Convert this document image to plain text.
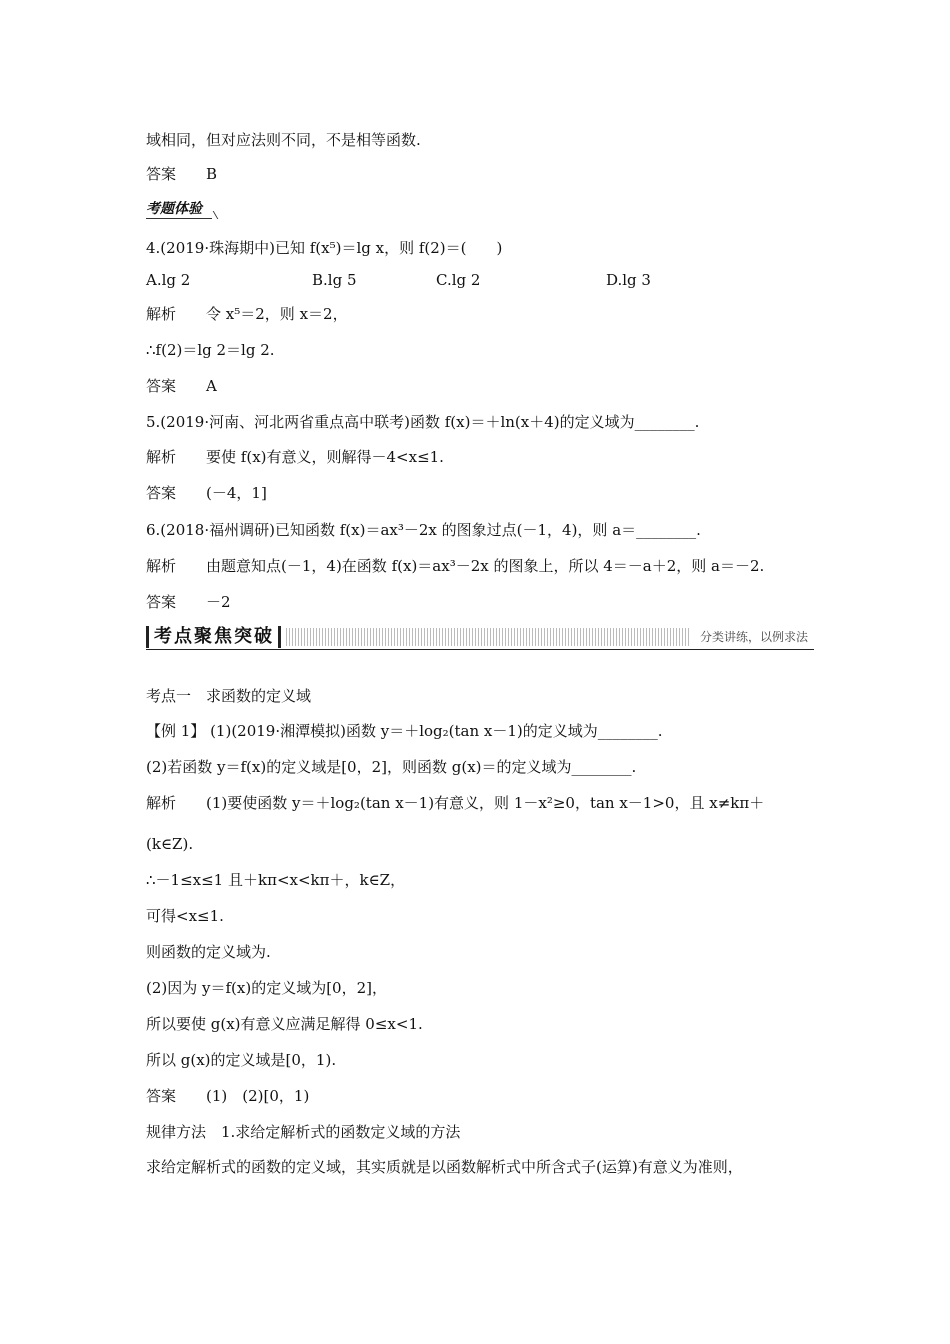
域相同，但对应法则不同，不是相等函数.
答案 B
4.(2019·珠海期中)已知 f(x⁵)＝lg x，则 f(2)＝(　　)
解析 令 x⁵＝2，则 x＝2，
∴f(2)＝lg 2＝lg 2.
答案 A
5.(2019·河南、河北两省重点高中联考)函数 f(x)＝＋ln(x＋4)的定义域为________.
解析 要使 f(x)有意义，则解得－4<x≤1.
答案 (－4，1]
6.(2018·福州调研)已知函数 f(x)＝ax³－2x 的图象过点(－1，4)，则 a＝________.
解析 由题意知点(－1，4)在函数 f(x)＝ax³－2x 的图象上，所以 4＝－a＋2，则 a＝－2.
答案 －2
考点一　求函数的定义域
【例 1】 (1)(2019·湘潭模拟)函数 y＝＋log₂(tan x－1)的定义域为________.
(2)若函数 y＝f(x)的定义域是[0，2]，则函数 g(x)＝的定义域为________.
解析 (1)要使函数 y＝＋log₂(tan x－1)有意义，则 1－x²≥0，tan x－1>0，且 x≠kπ＋
(k∈Z).
∴－1≤x≤1 且＋kπ<x<kπ＋，k∈Z，
可得<x≤1.
则函数的定义域为.
(2)因为 y＝f(x)的定义域为[0，2]，
所以要使 g(x)有意义应满足解得 0≤x<1.
所以 g(x)的定义域是[0，1).
答案 (1)　(2)[0，1)
规律方法　1.求给定解析式的函数定义域的方法
求给定解析式的函数的定义域，其实质就是以函数解析式中所含式子(运算)有意义为准则，
考题体验
A.lg 2	B.lg 5	C.lg 2	D.lg 3
考点聚焦突破	分类讲练，以例求法
